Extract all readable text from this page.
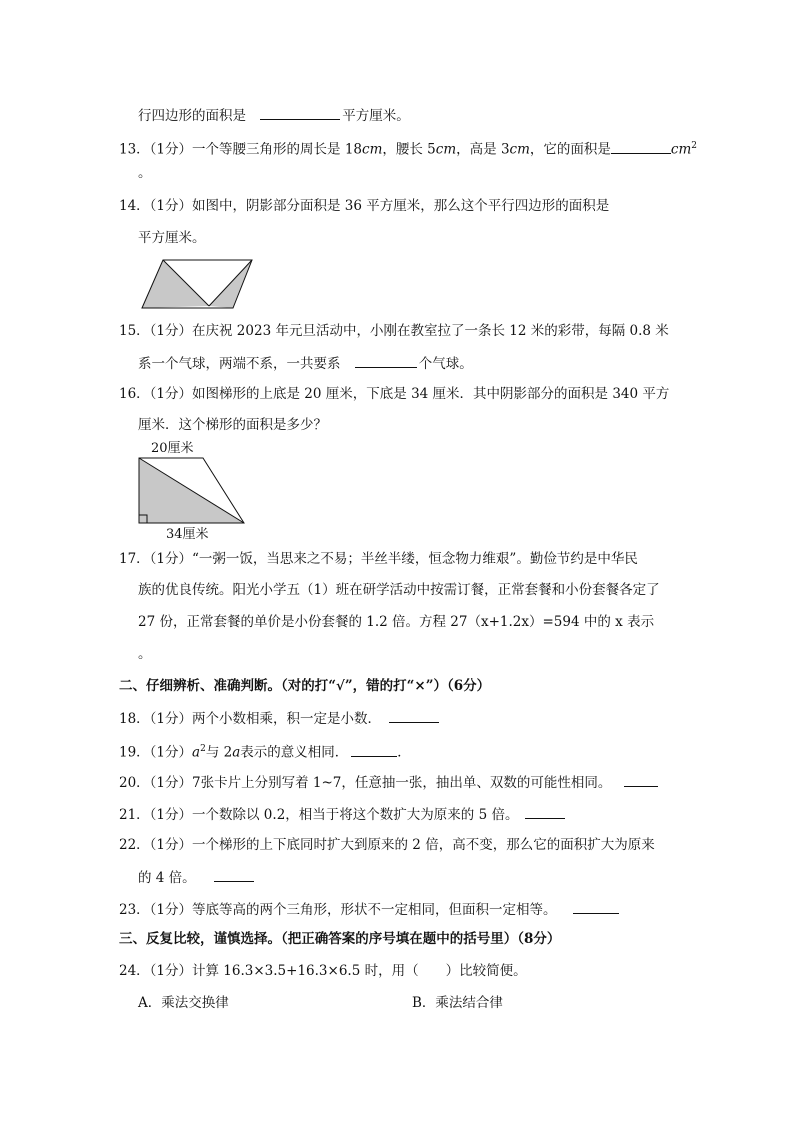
行四边形的面积是	平方厘米。
13．（1分）一个等腰三角形的周长是 18cm，腰长 5cm，高是 3cm，它的面积是	$cm^2$
。
14．（1分）如图中，阴影部分面积是 36 平方厘米，那么这个平行四边形的面积是
平方厘米。
15．（1分）在庆祝 2023 年元旦活动中，小刚在教室拉了一条长 12 米的彩带，每隔 0.8 米
系一个气球，两端不系，一共要系	个气球。
16．（1分）如图梯形的上底是 20 厘米，下底是 34 厘米．其中阴影部分的面积是 340 平方
厘米．这个梯形的面积是多少？
20厘米
34厘米
17．（1分）“一粥一饭，当思来之不易；半丝半缕，恒念物力维艰”。勤俭节约是中华民
族的优良传统。阳光小学五（1）班在研学活动中按需订餐，正常套餐和小份套餐各定了
27 份，正常套餐的单价是小份套餐的 1.2 倍。方程 27（x+1.2x）=594 中的 x 表示
。
二、仔细辨析、准确判断。（对的打“√”，错的打“×”）（6分）
18．（1分）两个小数相乘，积一定是小数．
19．（1分）$a^2$与 2a表示的意义相同．	．
20．（1分）7张卡片上分别写着 1~7，任意抽一张，抽出单、双数的可能性相同。
21．（1分）一个数除以 0.2，相当于将这个数扩大为原来的 5 倍。
22．（1分）一个梯形的上下底同时扩大到原来的 2 倍，高不变，那么它的面积扩大为原来
的 4 倍。
23．（1分）等底等高的两个三角形，形状不一定相同，但面积一定相等。
三、反复比较，谨慎选择。（把正确答案的序号填在题中的括号里）（8分）
24．（1分）计算 16.3×3.5+16.3×6.5 时，用（　　）比较简便。
A．乘法交换律	B．乘法结合律
